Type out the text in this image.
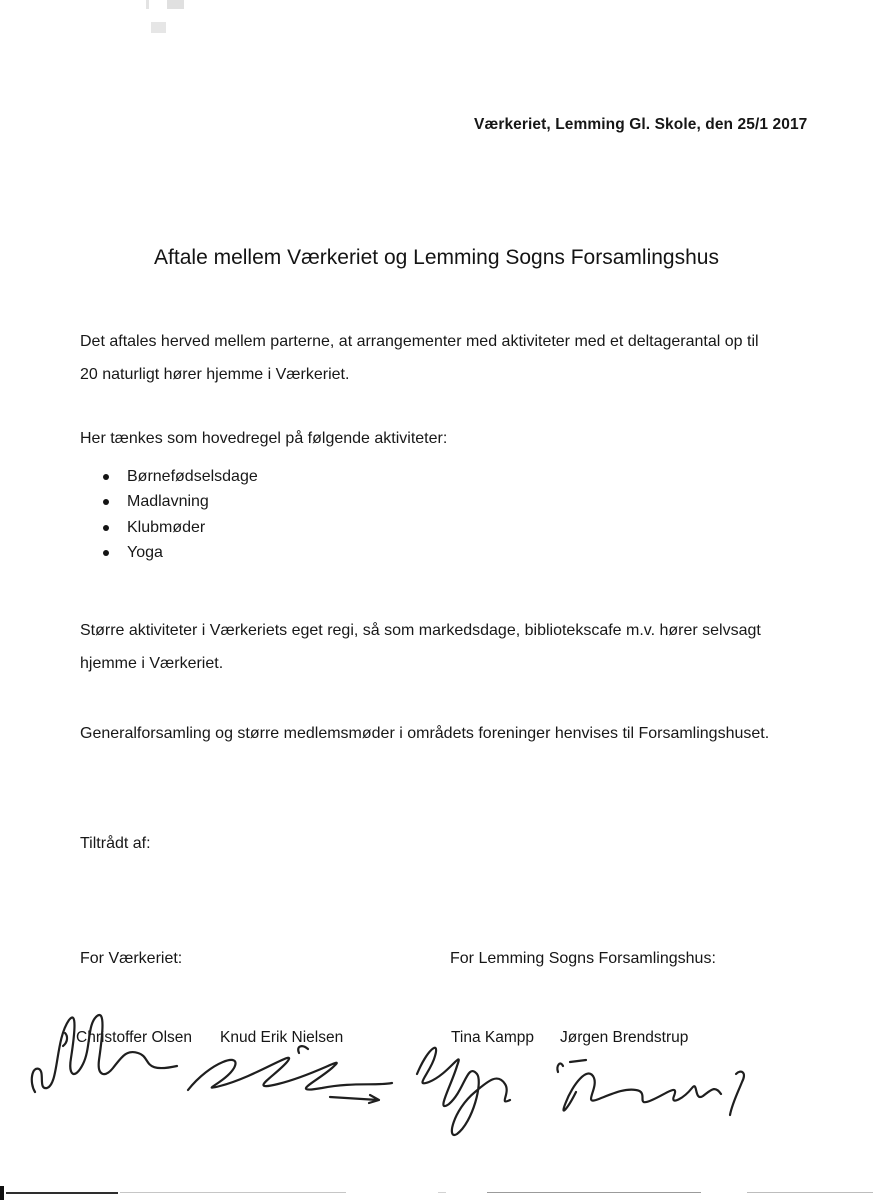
Værkeriet, Lemming Gl. Skole, den 25/1 2017
Aftale mellem Værkeriet og Lemming Sogns Forsamlingshus
Det aftales herved mellem parterne, at arrangementer med aktiviteter med et deltagerantal op til 20 naturligt hører hjemme i Værkeriet.
Her tænkes som hovedregel på følgende aktiviteter:
Børnefødselsdage
Madlavning
Klubmøder
Yoga
Større aktiviteter i Værkeriets eget regi, så som markedsdage, bibliotekscafe m.v. hører selvsagt hjemme i Værkeriet.
Generalforsamling og større medlemsmøder i områdets foreninger henvises til Forsamlingshuset.
Tiltrådt af:
For Værkeriet:	For Lemming Sogns Forsamlingshus:
Christoffer Olsen Knud Erik Nielsen	Tina Kampp Jørgen Brendstrup
